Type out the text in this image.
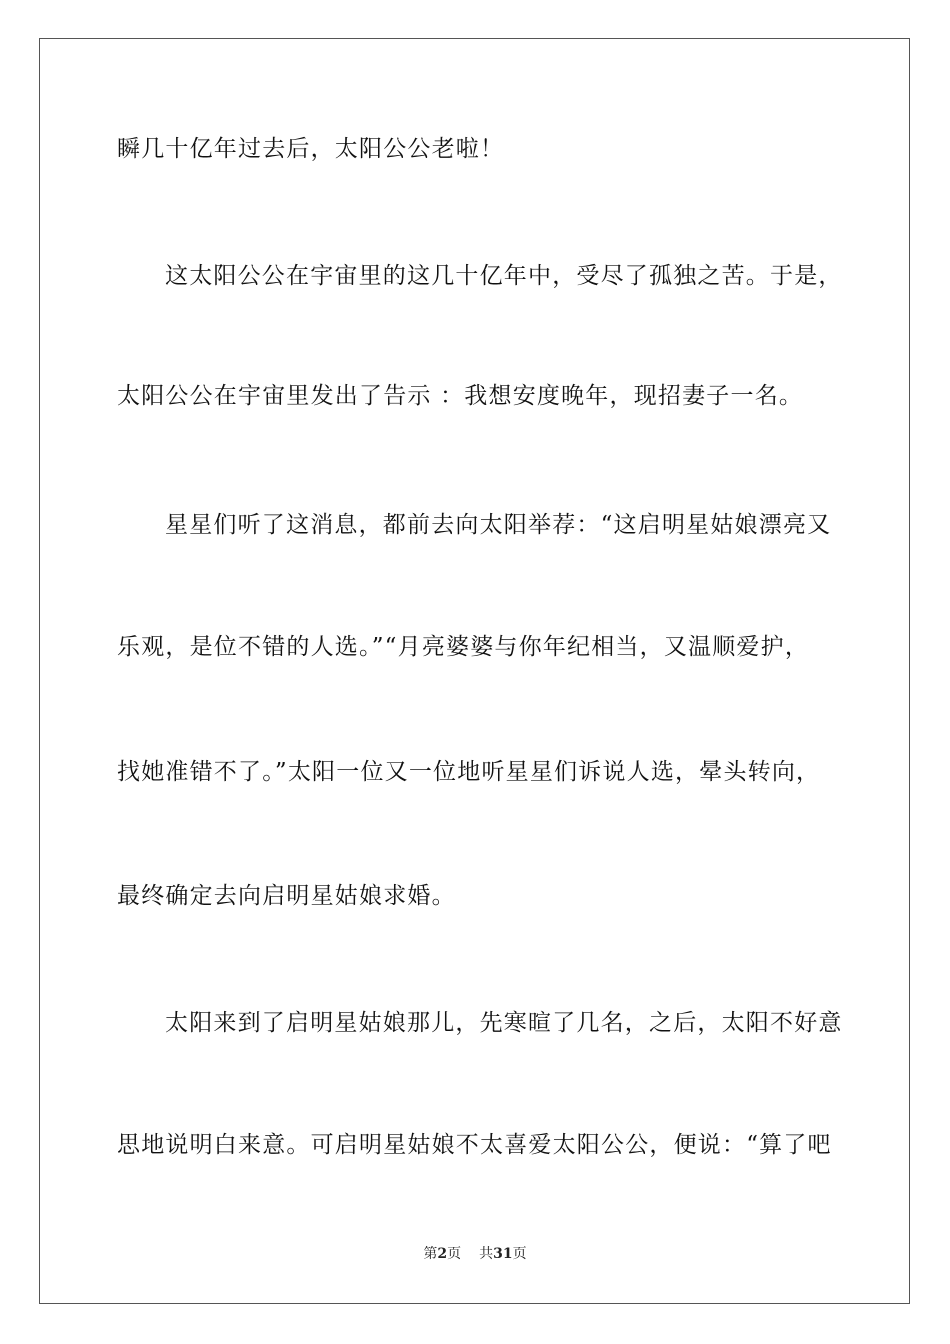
瞬几十亿年过去后，太阳公公老啦！
这太阳公公在宇宙里的这几十亿年中，受尽了孤独之苦。于是，
太阳公公在宇宙里发出了告示 ：我想安度晚年，现招妻子一名。
星星们听了这消息，都前去向太阳举荐：“这启明星姑娘漂亮又
乐观，是位不错的人选。”“月亮婆婆与你年纪相当，又温顺爱护，
找她准错不了。”太阳一位又一位地听星星们诉说人选，晕头转向，
最终确定去向启明星姑娘求婚。
太阳来到了启明星姑娘那儿，先寒暄了几名，之后，太阳不好意
思地说明白来意。可启明星姑娘不太喜爱太阳公公，便说：“算了吧
第2页 共31页
